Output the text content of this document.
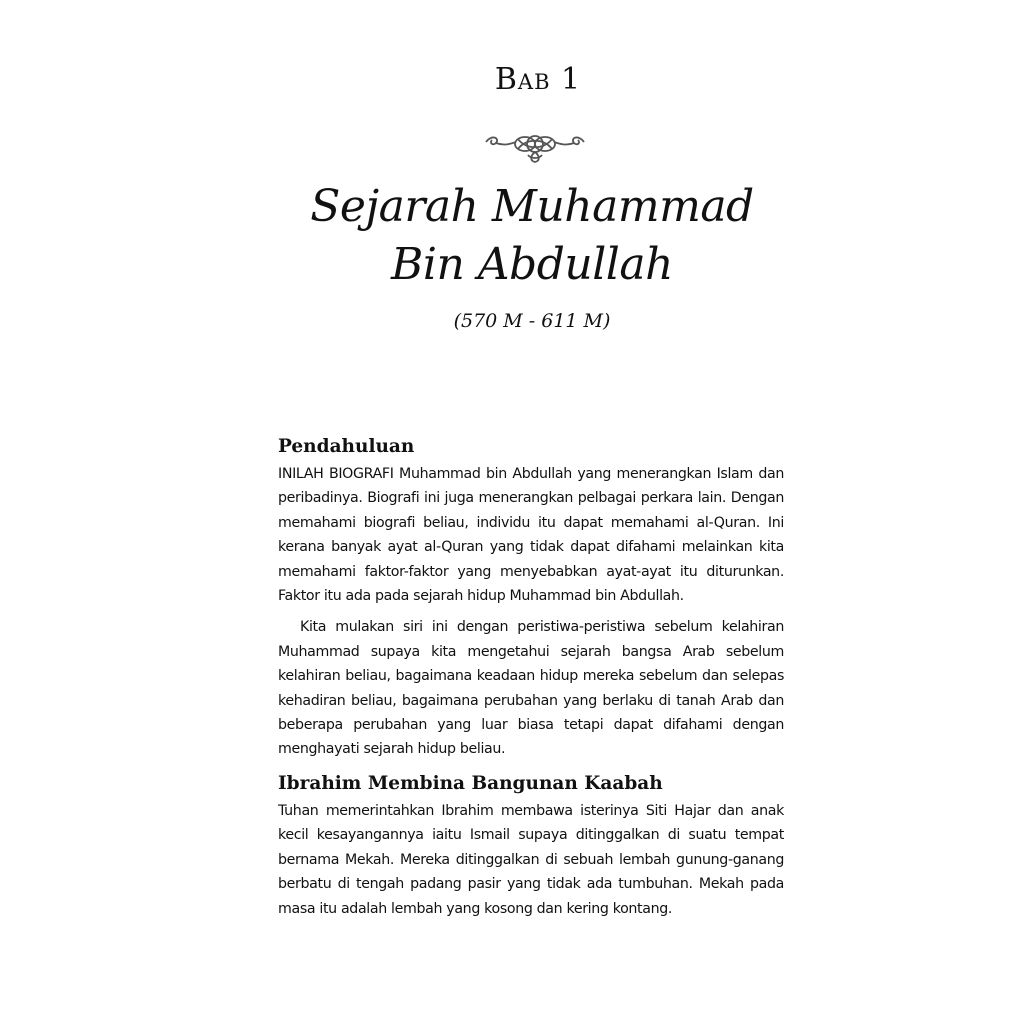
Bab 1
Sejarah Muhammad
Bin Abdullah
(570 M - 611 M)
Pendahuluan

INILAH BIOGRAFI Muhammad bin Abdullah yang menerangkan Islam dan peribadinya. Biografi ini juga menerangkan pelbagai perkara lain. Dengan memahami biografi beliau, individu itu dapat memahami al-Quran. Ini kerana banyak ayat al-Quran yang tidak dapat difahami melainkan kita memahami faktor-faktor yang menyebabkan ayat-ayat itu diturunkan. Faktor itu ada pada sejarah hidup Muhammad bin Abdullah.

Kita mulakan siri ini dengan peristiwa-peristiwa sebelum kelahiran Muhammad supaya kita mengetahui sejarah bangsa Arab sebelum kelahiran beliau, bagaimana keadaan hidup mereka sebelum dan selepas kehadiran beliau, bagaimana perubahan yang berlaku di tanah Arab dan beberapa perubahan yang luar biasa tetapi dapat difahami dengan menghayati sejarah hidup beliau.

Ibrahim Membina Bangunan Kaabah

Tuhan memerintahkan Ibrahim membawa isterinya Siti Hajar dan anak kecil kesayangannya iaitu Ismail supaya ditinggalkan di suatu tempat bernama Mekah. Mereka ditinggalkan di sebuah lembah gunung-ganang berbatu di tengah padang pasir yang tidak ada tumbuhan. Mekah pada masa itu adalah lembah yang kosong dan kering kontang.
